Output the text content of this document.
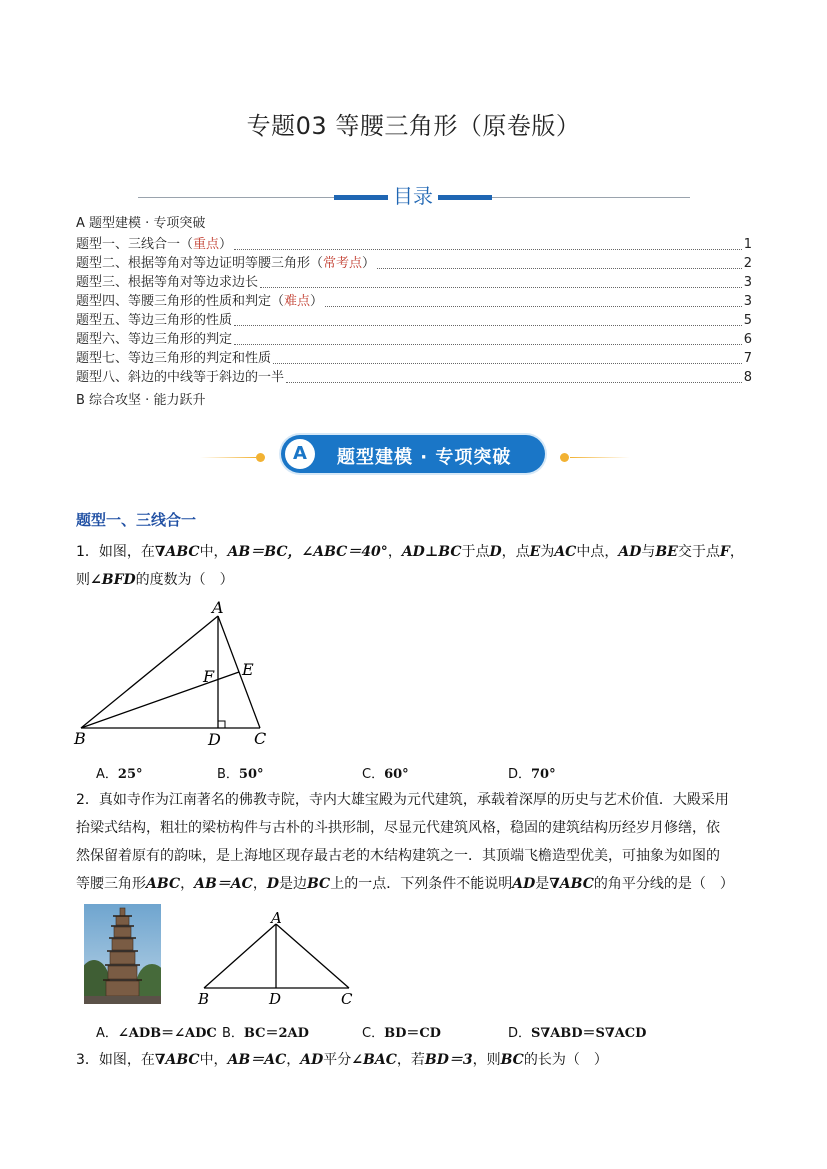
专题03 等腰三角形（原卷版）
目录
A 题型建模 · 专项突破
题型一、三线合一 （ 重点 ）	1
题型二、根据等角对等边证明等腰三角形 （ 常考点 ）	2
题型三、根据等角对等边求边长	3
题型四、等腰三角形的性质和判定 （ 难点 ）	3
题型五、等边三角形的性质	5
题型六、等边三角形的判定	6
题型七、等边三角形的判定和性质	7
题型八、斜边的中线等于斜边的一半	8
B 综合攻坚 · 能力跃升
A	题型建模 · 专项突破
题型一、三线合一
1．如图，在∇ABC中，AB＝BC，∠ABC＝40°，AD⊥BC于点D，点E为AC中点，AD与BE交于点F，
则∠BFD的度数为（　）
A
B	C
D
E
F
A．25°	B．50°	C．60°	D．70°
2．真如寺作为江南著名的佛教寺院，寺内大雄宝殿为元代建筑，承载着深厚的历史与艺术价值．大殿采用
抬梁式结构，粗壮的梁枋构件与古朴的斗拱形制，尽显元代建筑风格，稳固的建筑结构历经岁月修缮，依
然保留着原有的韵味，是上海地区现存最古老的木结构建筑之一．其顶端飞檐造型优美，可抽象为如图的
等腰三角形ABC，AB＝AC，D是边BC上的一点．下列条件不能说明AD是∇ABC的角平分线的是（　）
A
B	C
D
A．∠ADB＝∠ADC B．BC＝2AD	C．BD＝CD	D．S∇ABD＝S∇ACD
3．如图，在∇ABC中，AB＝AC，AD平分∠BAC，若BD＝3，则BC的长为（　）
